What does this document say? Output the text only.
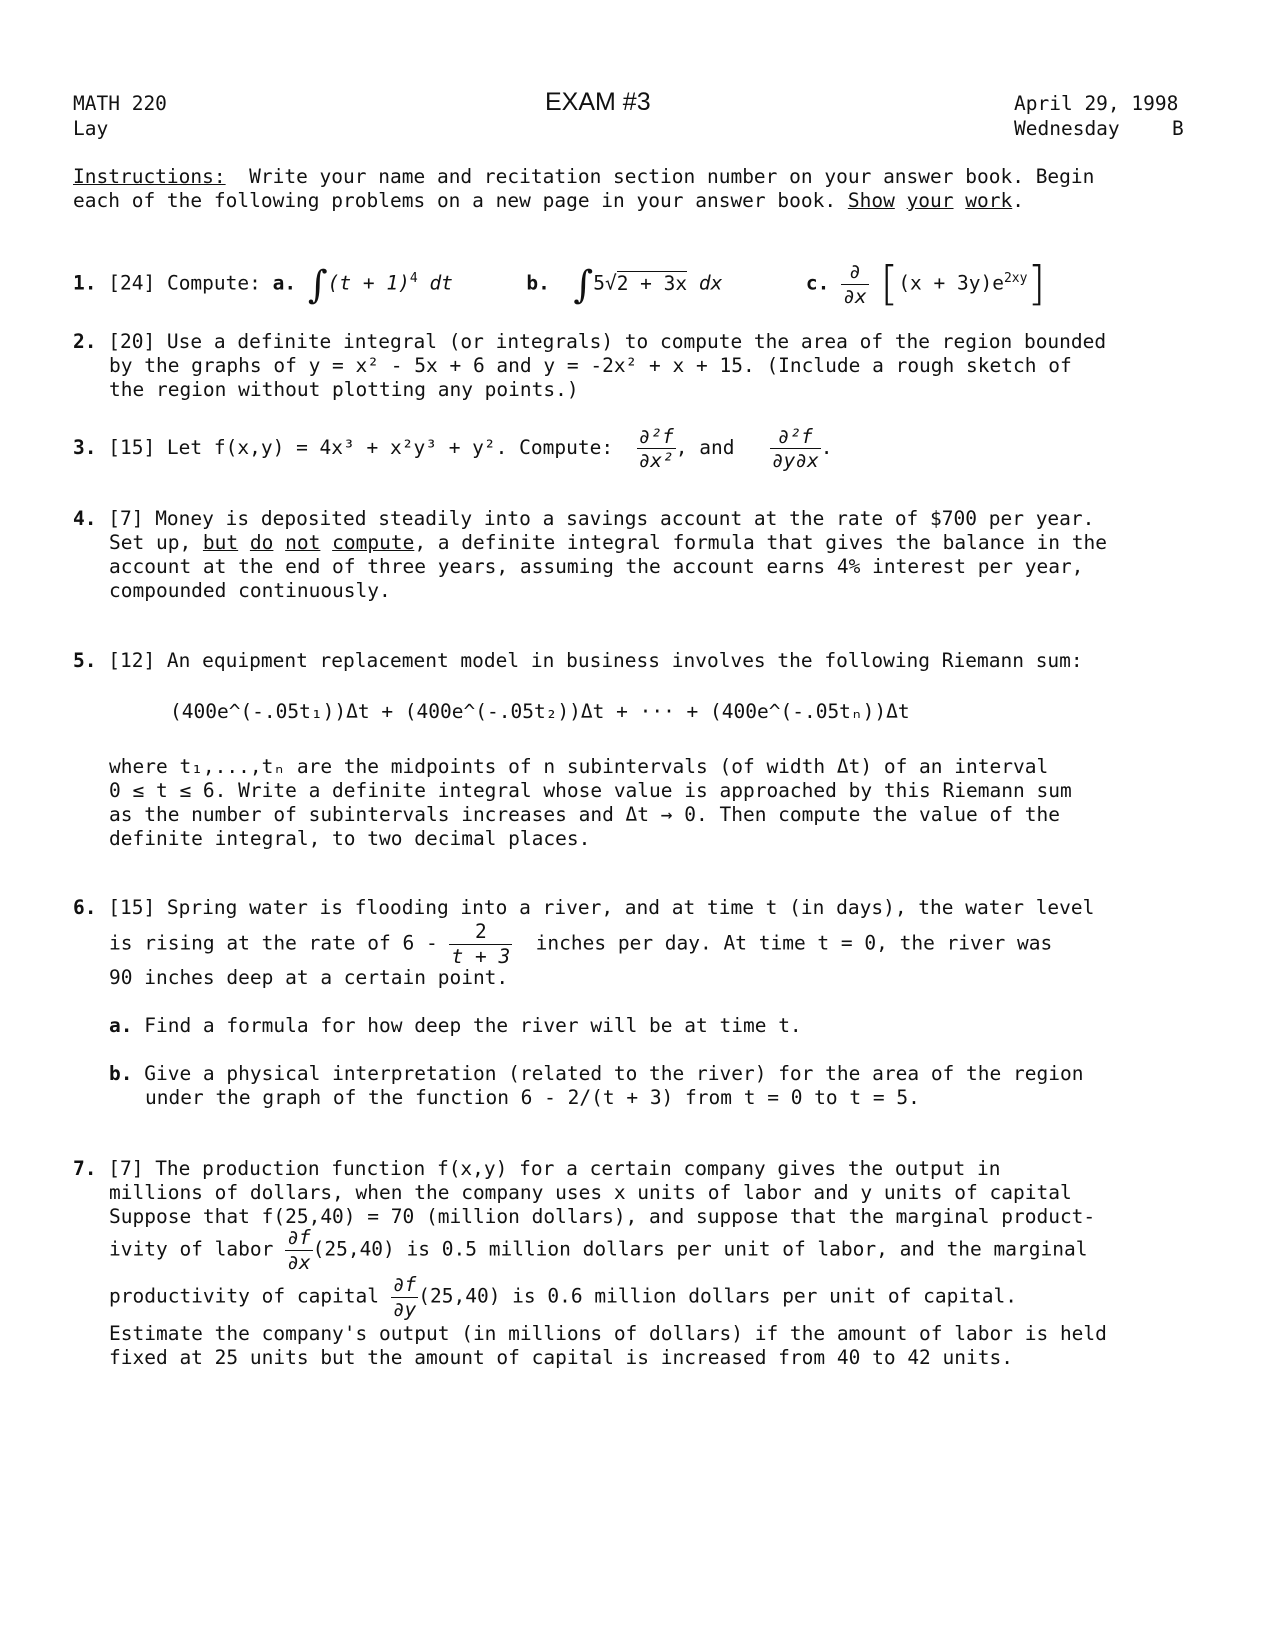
MATH 220
Lay
EXAM #3	April 29, 1998
Wednesday	B
Instructions: Write your name and recitation section number on your answer book. Begin
each of the following problems on a new page in your answer book. Show your work.
1. [24] Compute: a. $\int(t + 1)^4$ dt	b. ∫5√2 + 3x dx	c. $\frac{\partial}{\partial x} [(x + 3y)e^{2xy}]$
2. [20] Use a definite integral (or integrals) to compute the area of the region bounded
by the graphs of y = x² - 5x + 6 and y = -2x² + x + 15. (Include a rough sketch of
the region without plotting any points.)
3. [15] Let f(x,y) = 4x³ + x²y³ + y². Compute: $\frac{\text{∂²f}}{\text{∂x²}}$ , and $\frac{\text{∂²f}}{\partial y\partial x}$ .
4. [7] Money is deposited steadily into a savings account at the rate of $700 per year.
Set up, but do not compute, a definite integral formula that gives the balance in the
account at the end of three years, assuming the account earns 4% interest per year,
compounded continuously.
5. [12] An equipment replacement model in business involves the following Riemann sum:
(400e^(-.05t₁))Δt + (400e^(-.05t₂))Δt + ··· + (400e^(-.05tₙ))Δt
where t₁,...,tₙ are the midpoints of n subintervals (of width Δt) of an interval
0 ≤ t ≤ 6. Write a definite integral whose value is approached by this Riemann sum
as the number of subintervals increases and Δt → 0. Then compute the value of the
definite integral, to two decimal places.
6. [15] Spring water is flooding into a river, and at time t (in days), the water level
is rising at the rate of $6 - \frac{2}{t + 3}$ inches per day. At time t = 0, the river was
90 inches deep at a certain point.
a. Find a formula for how deep the river will be at time t.
b. Give a physical interpretation (related to the river) for the area of the region
under the graph of the function 6 - 2/(t + 3) from t = 0 to t = 5.
7. [7] The production function f(x,y) for a certain company gives the output in
millions of dollars, when the company uses x units of labor and y units of capital
Suppose that f(25,40) = 70 (million dollars), and suppose that the marginal product-
ivity of labor $\frac{\partial f}{\partial x} (25,40)$ is 0.5 million dollars per unit of labor, and the marginal
productivity of capital $\frac{\partial f}{\partial y} (25,40)$ is 0.6 million dollars per unit of capital.
Estimate the company's output (in millions of dollars) if the amount of labor is held
fixed at 25 units but the amount of capital is increased from 40 to 42 units.
